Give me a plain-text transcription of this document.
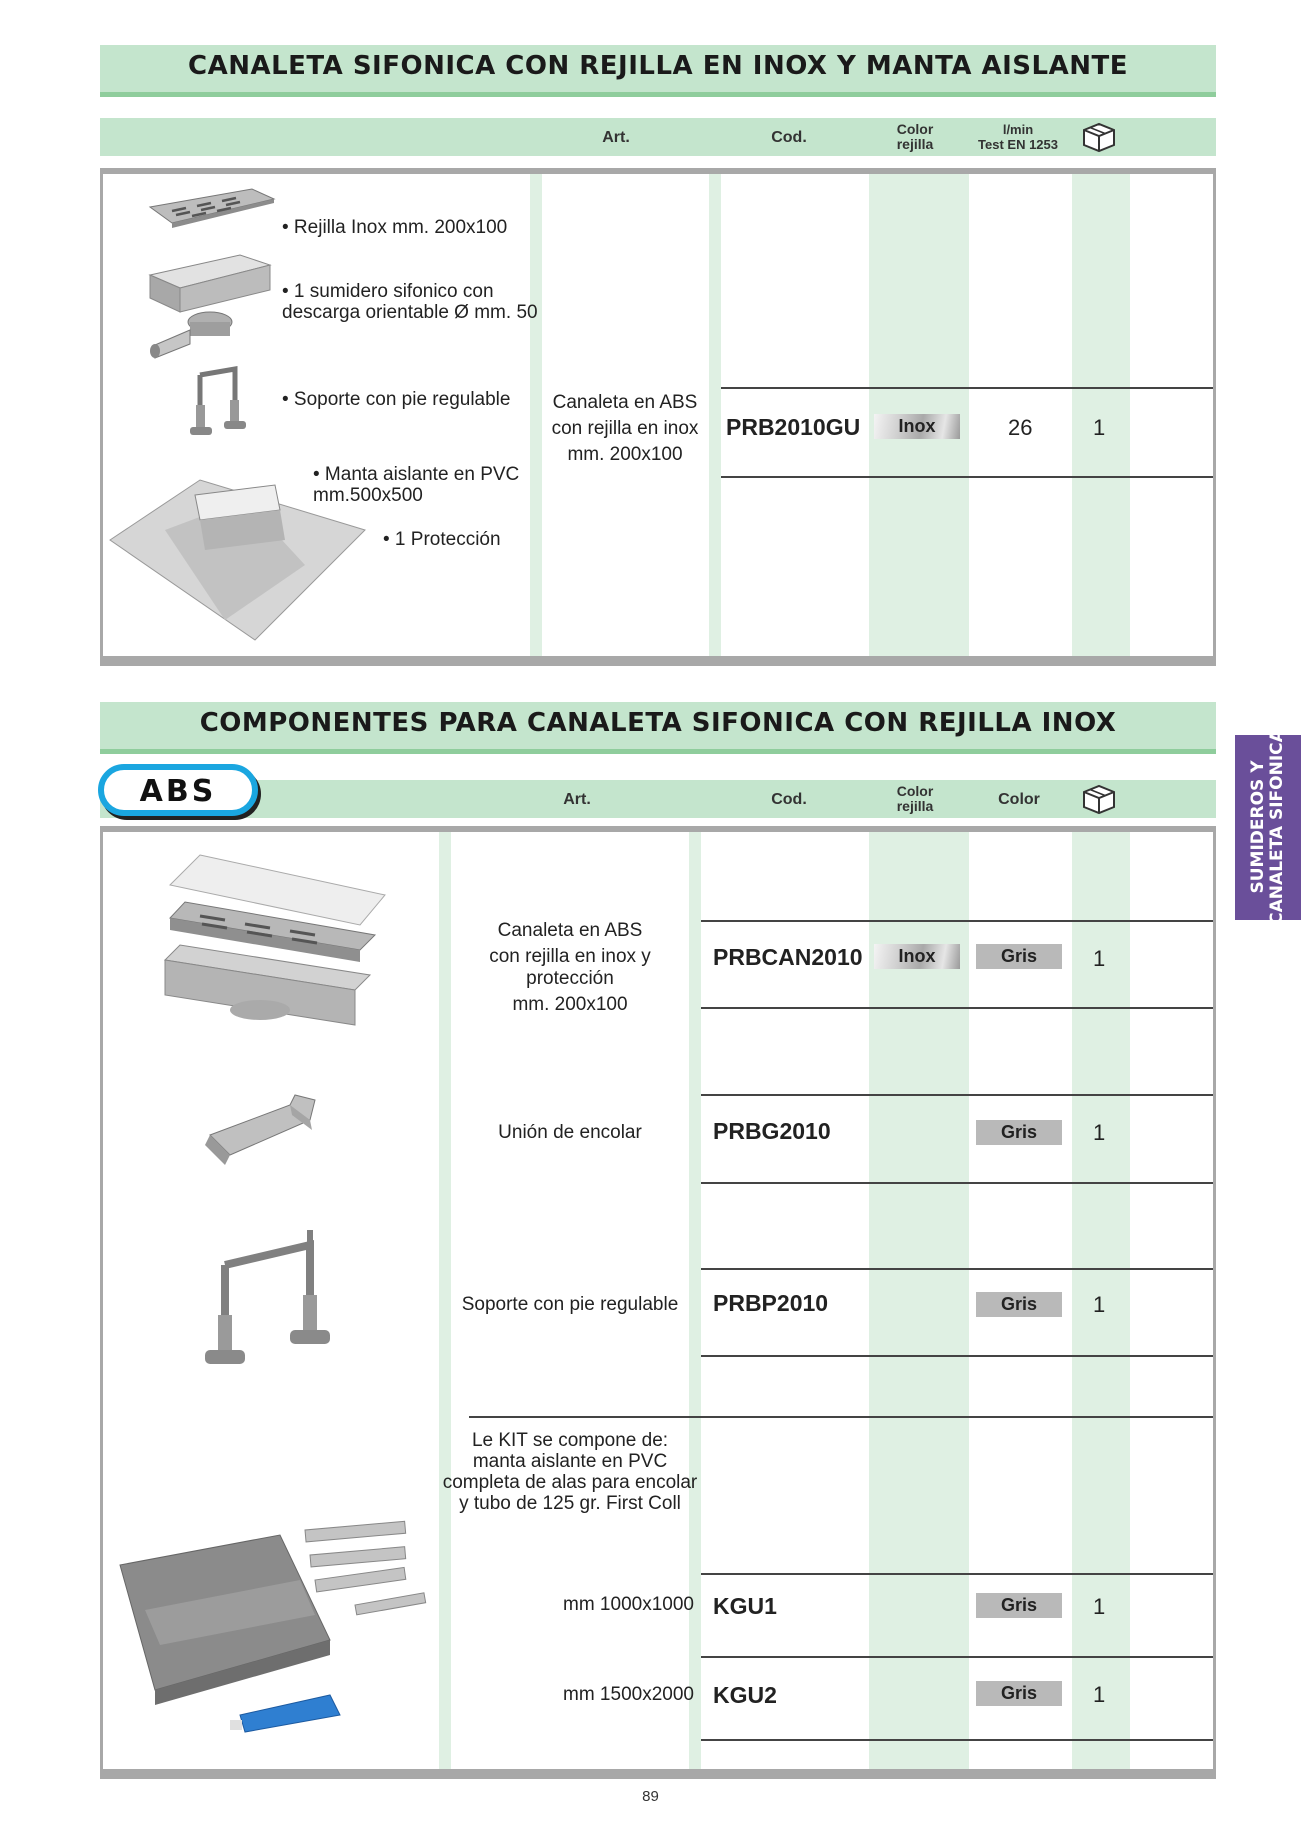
CANALETA SIFONICA CON REJILLA EN INOX Y MANTA AISLANTE
Art.	Cod.	Color
rejilla
l/min
Test EN 1253
• Rejilla Inox mm. 200x100
• 1 sumidero sifonico con
descarga orientable Ø mm. 50
• Soporte con pie regulable
• Manta aislante en PVC
mm.500x500
• 1 Protección
Canaleta en ABS
con rejilla en inox
mm. 200x100
PRB2010GU	Inox	26	1
COMPONENTES PARA CANALETA SIFONICA CON REJILLA INOX
Art.	Cod.	Color
rejilla	Color
ABS
Canaleta en ABS
con rejilla en inox y protección
mm. 200x100
PRBCAN2010	Inox	Gris	1
Unión de encolar	PRBG2010	Gris	1
Soporte con pie regulable	PRBP2010	Gris	1
Le KIT se compone de:
manta aislante en PVC
completa de alas para encolar
y tubo de 125 gr. First Coll
mm 1000x1000 KGU1	Gris	1
mm 1500x2000 KGU2	Gris	1
SUMIDEROS Y CANALETA SIFONICA
89
